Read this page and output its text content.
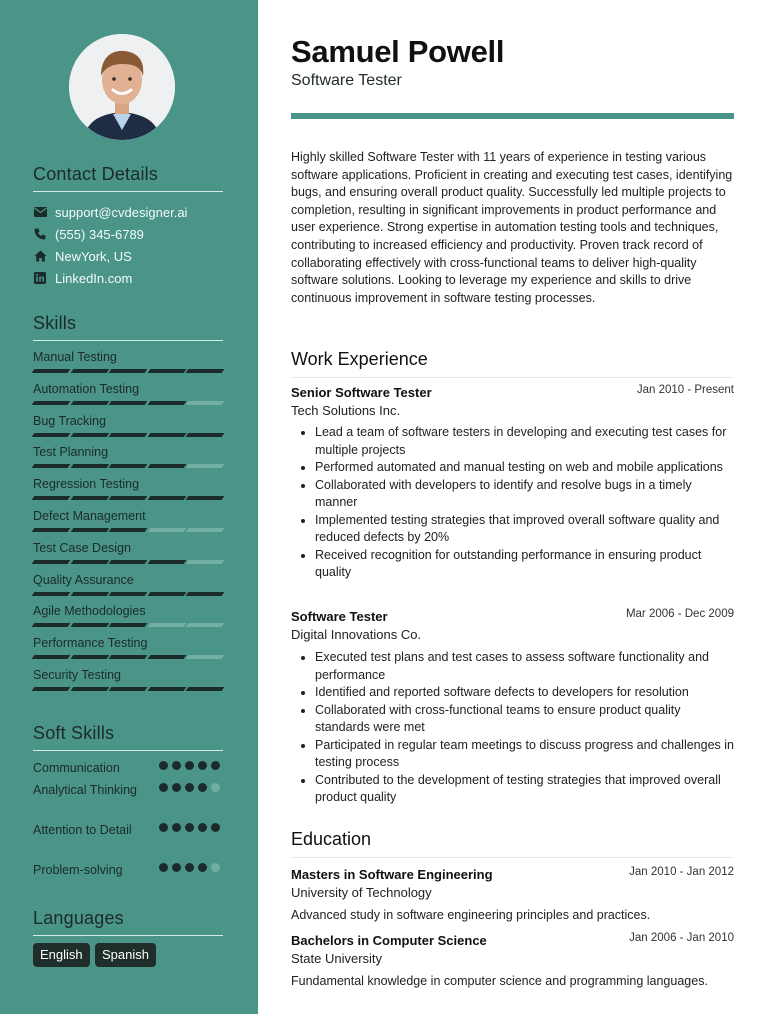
Contact Details
support@cvdesigner.ai
(555) 345-6789
NewYork, US
LinkedIn.com
Skills
Manual Testing
Automation Testing
Bug Tracking
Test Planning
Regression Testing
Defect Management
Test Case Design
Quality Assurance
Agile Methodologies
Performance Testing
Security Testing
Soft Skills
Communication
Analytical Thinking
Attention to Detail
Problem-solving
Languages
English	Spanish
Samuel Powell
Software Tester
Highly skilled Software Tester with 11 years of experience in testing various software applications. Proficient in creating and executing test cases, identifying bugs, and ensuring overall product quality. Successfully led multiple projects to completion, resulting in significant improvements in product performance and user experience. Strong expertise in automation testing tools and techniques, contributing to increased efficiency and productivity. Proven track record of collaborating effectively with cross-functional teams to deliver high-quality software solutions. Looking to leverage my experience and skills to drive continuous improvement in software testing processes.
Work Experience
Senior Software Tester	Jan 2010 - Present
Tech Solutions Inc.
Lead a team of software testers in developing and executing test cases for multiple projects
Performed automated and manual testing on web and mobile applications
Collaborated with developers to identify and resolve bugs in a timely manner
Implemented testing strategies that improved overall software quality and reduced defects by 20%
Received recognition for outstanding performance in ensuring product quality
Software Tester	Mar 2006 - Dec 2009
Digital Innovations Co.
Executed test plans and test cases to assess software functionality and performance
Identified and reported software defects to developers for resolution
Collaborated with cross-functional teams to ensure product quality standards were met
Participated in regular team meetings to discuss progress and challenges in testing process
Contributed to the development of testing strategies that improved overall product quality
Education
Masters in Software Engineering	Jan 2010 - Jan 2012
University of Technology
Advanced study in software engineering principles and practices.
Bachelors in Computer Science	Jan 2006 - Jan 2010
State University
Fundamental knowledge in computer science and programming languages.
